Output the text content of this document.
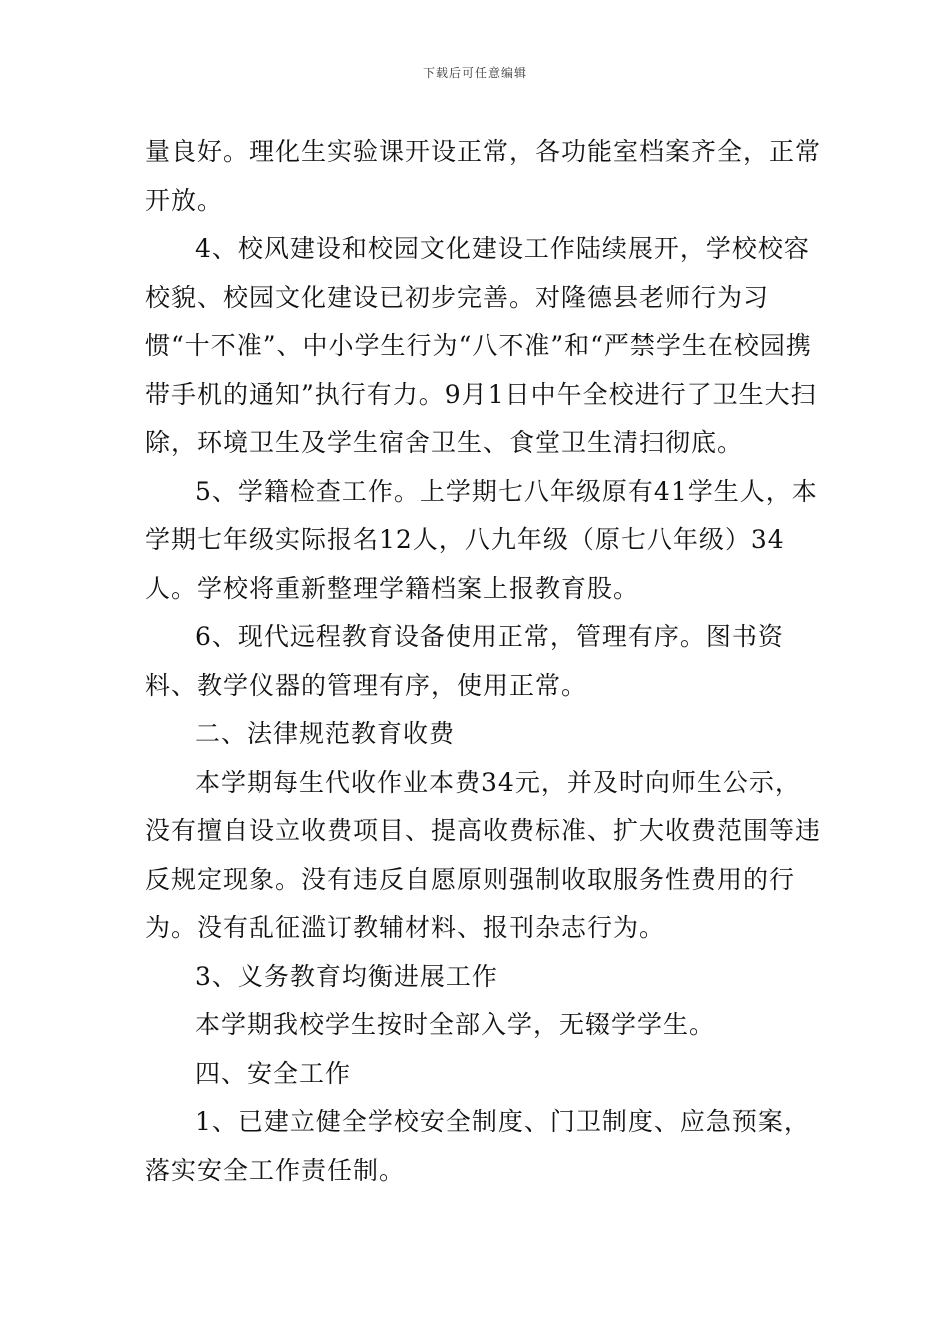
下载后可任意编辑

量良好。理化生实验课开设正常，各功能室档案齐全，正常开放。

4、校风建设和校园文化建设工作陆续展开，学校校容校貌、校园文化建设已初步完善。对隆德县老师行为习惯“十不准”、中小学生行为“八不准”和“严禁学生在校园携带手机的通知”执行有力。9月1日中午全校进行了卫生大扫除，环境卫生及学生宿舍卫生、食堂卫生清扫彻底。

5、学籍检查工作。上学期七八年级原有41学生人，本学期七年级实际报名12人，八九年级（原七八年级）34人。学校将重新整理学籍档案上报教育股。

6、现代远程教育设备使用正常，管理有序。图书资料、教学仪器的管理有序，使用正常。

二、法律规范教育收费

本学期每生代收作业本费34元，并及时向师生公示，没有擅自设立收费项目、提高收费标准、扩大收费范围等违反规定现象。没有违反自愿原则强制收取服务性费用的行为。没有乱征滥订教辅材料、报刊杂志行为。

3、义务教育均衡进展工作

本学期我校学生按时全部入学，无辍学学生。

四、安全工作

1、已建立健全学校安全制度、门卫制度、应急预案，落实安全工作责任制。
